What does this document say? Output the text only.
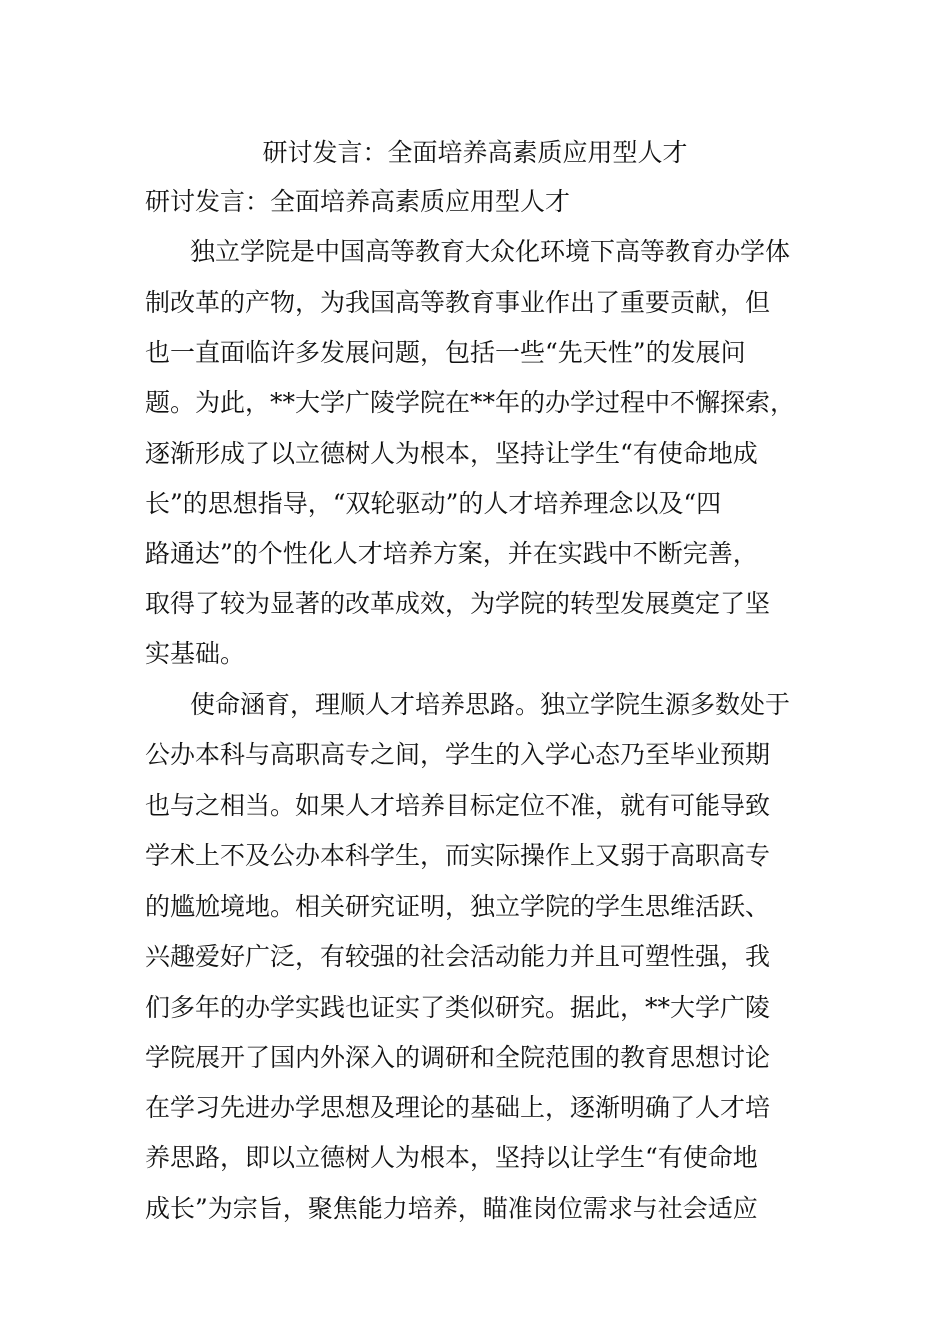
研讨发言：全面培养高素质应用型人才
研讨发言：全面培养高素质应用型人才
独立学院是中国高等教育大众化环境下高等教育办学体
制改革的产物，为我国高等教育事业作出了重要贡献，但
也一直面临许多发展问题，包括一些“先天性”的发展问
题。为此，**大学广陵学院在**年的办学过程中不懈探索，
逐渐形成了以立德树人为根本，坚持让学生“有使命地成
长”的思想指导，“双轮驱动”的人才培养理念以及“四
路通达”的个性化人才培养方案，并在实践中不断完善，
取得了较为显著的改革成效，为学院的转型发展奠定了坚
实基础。
使命涵育，理顺人才培养思路。独立学院生源多数处于
公办本科与高职高专之间，学生的入学心态乃至毕业预期
也与之相当。如果人才培养目标定位不准，就有可能导致
学术上不及公办本科学生，而实际操作上又弱于高职高专
的尴尬境地。相关研究证明，独立学院的学生思维活跃、
兴趣爱好广泛，有较强的社会活动能力并且可塑性强，我
们多年的办学实践也证实了类似研究。据此，**大学广陵
学院展开了国内外深入的调研和全院范围的教育思想讨论
在学习先进办学思想及理论的基础上，逐渐明确了人才培
养思路，即以立德树人为根本，坚持以让学生“有使命地
成长”为宗旨，聚焦能力培养，瞄准岗位需求与社会适应
